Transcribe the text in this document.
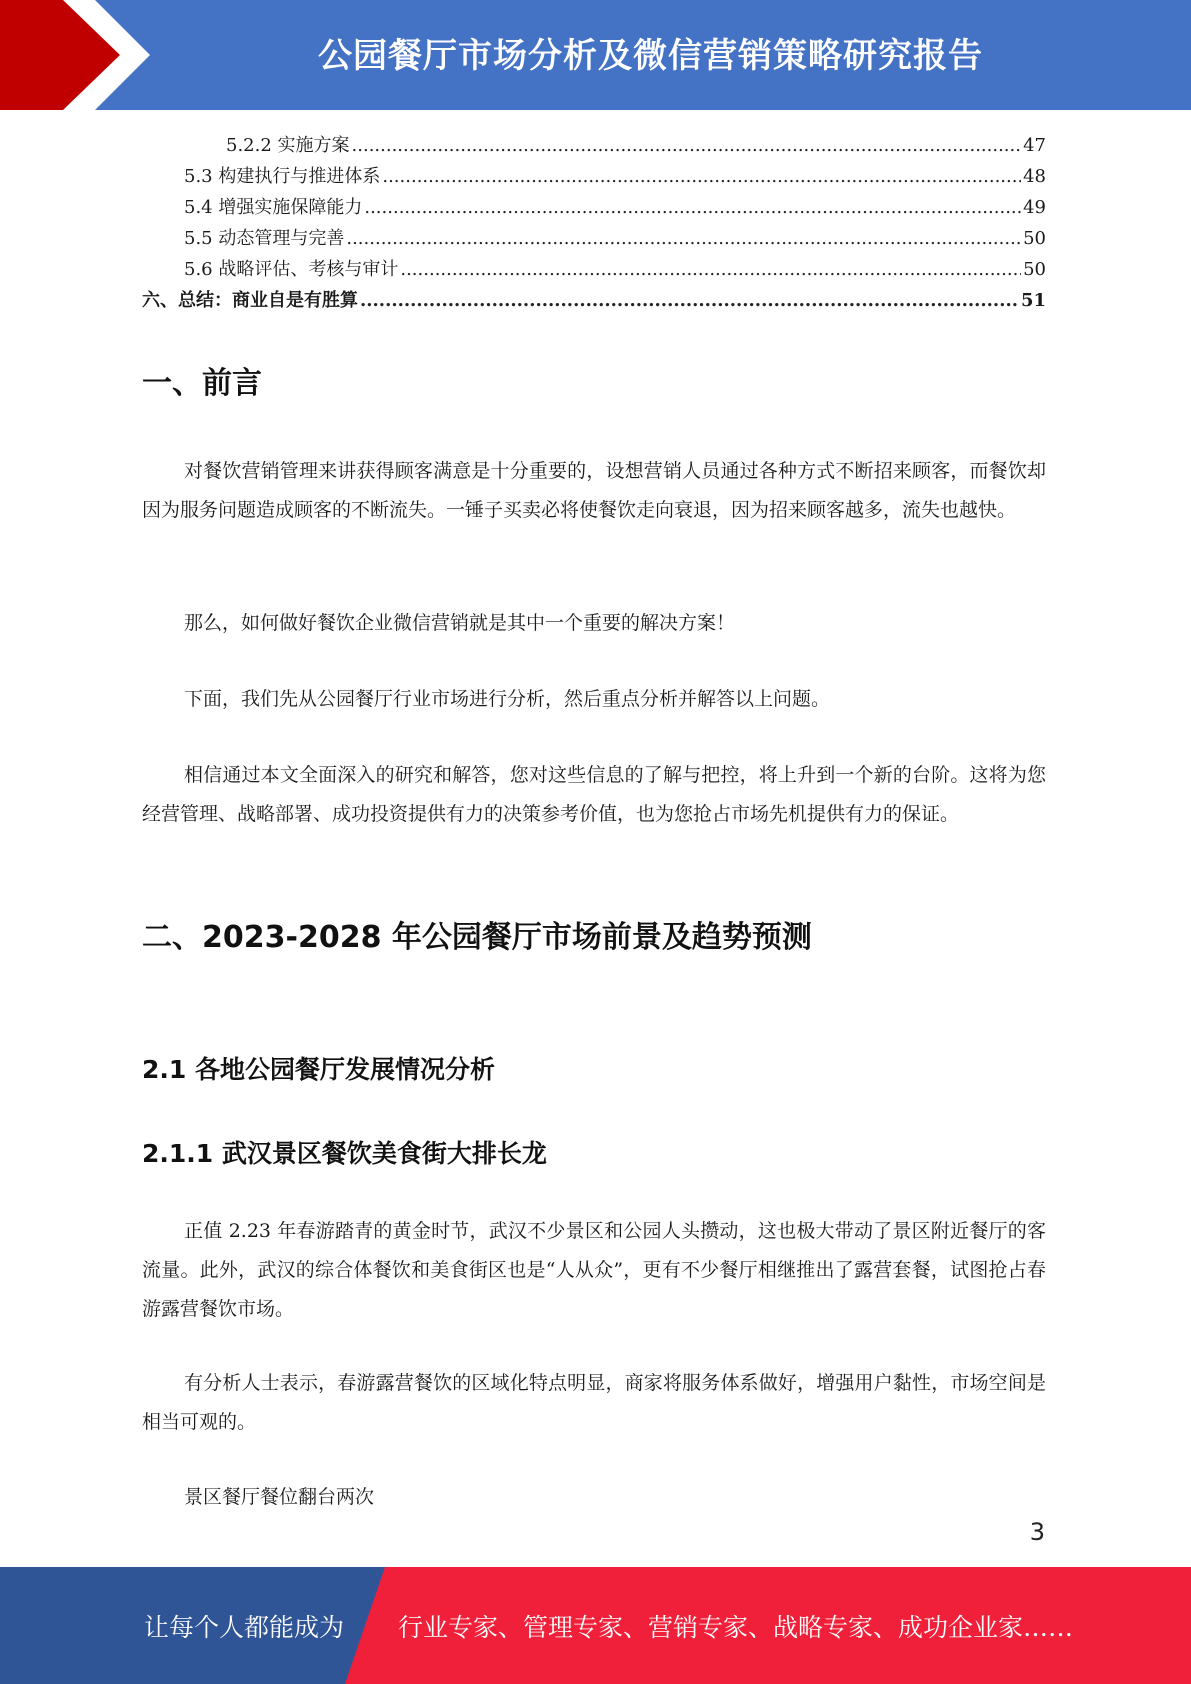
公园餐厅市场分析及微信营销策略研究报告
5.2.2 实施方案 .....	47
5.3 构建执行与推进体系 .....	48
5.4 增强实施保障能力 .....	49
5.5 动态管理与完善 .....	50
5.6 战略评估、考核与审计 .....	50
六、总结：商业自是有胜算 .....	51
一、前言

对餐饮营销管理来讲获得顾客满意是十分重要的，设想营销人员通过各种方式不断招来顾客，而餐饮却因为服务问题造成顾客的不断流失。一锤子买卖必将使餐饮走向衰退，因为招来顾客越多，流失也越快。

那么，如何做好餐饮企业微信营销就是其中一个重要的解决方案！

下面，我们先从公园餐厅行业市场进行分析，然后重点分析并解答以上问题。

相信通过本文全面深入的研究和解答，您对这些信息的了解与把控，将上升到一个新的台阶。这将为您经营管理、战略部署、成功投资提供有力的决策参考价值，也为您抢占市场先机提供有力的保证。

二、2023-2028 年公园餐厅市场前景及趋势预测
2.1 各地公园餐厅发展情况分析
2.1.1 武汉景区餐饮美食街大排长龙

正值 2.23 年春游踏青的黄金时节，武汉不少景区和公园人头攒动，这也极大带动了景区附近餐厅的客流量。此外，武汉的综合体餐饮和美食街区也是“人从众”，更有不少餐厅相继推出了露营套餐，试图抢占春游露营餐饮市场。

有分析人士表示，春游露营餐饮的区域化特点明显，商家将服务体系做好，增强用户黏性，市场空间是相当可观的。

景区餐厅餐位翻台两次

3
让每个人都能成为 行业专家、管理专家、营销专家、战略专家、成功企业家……
